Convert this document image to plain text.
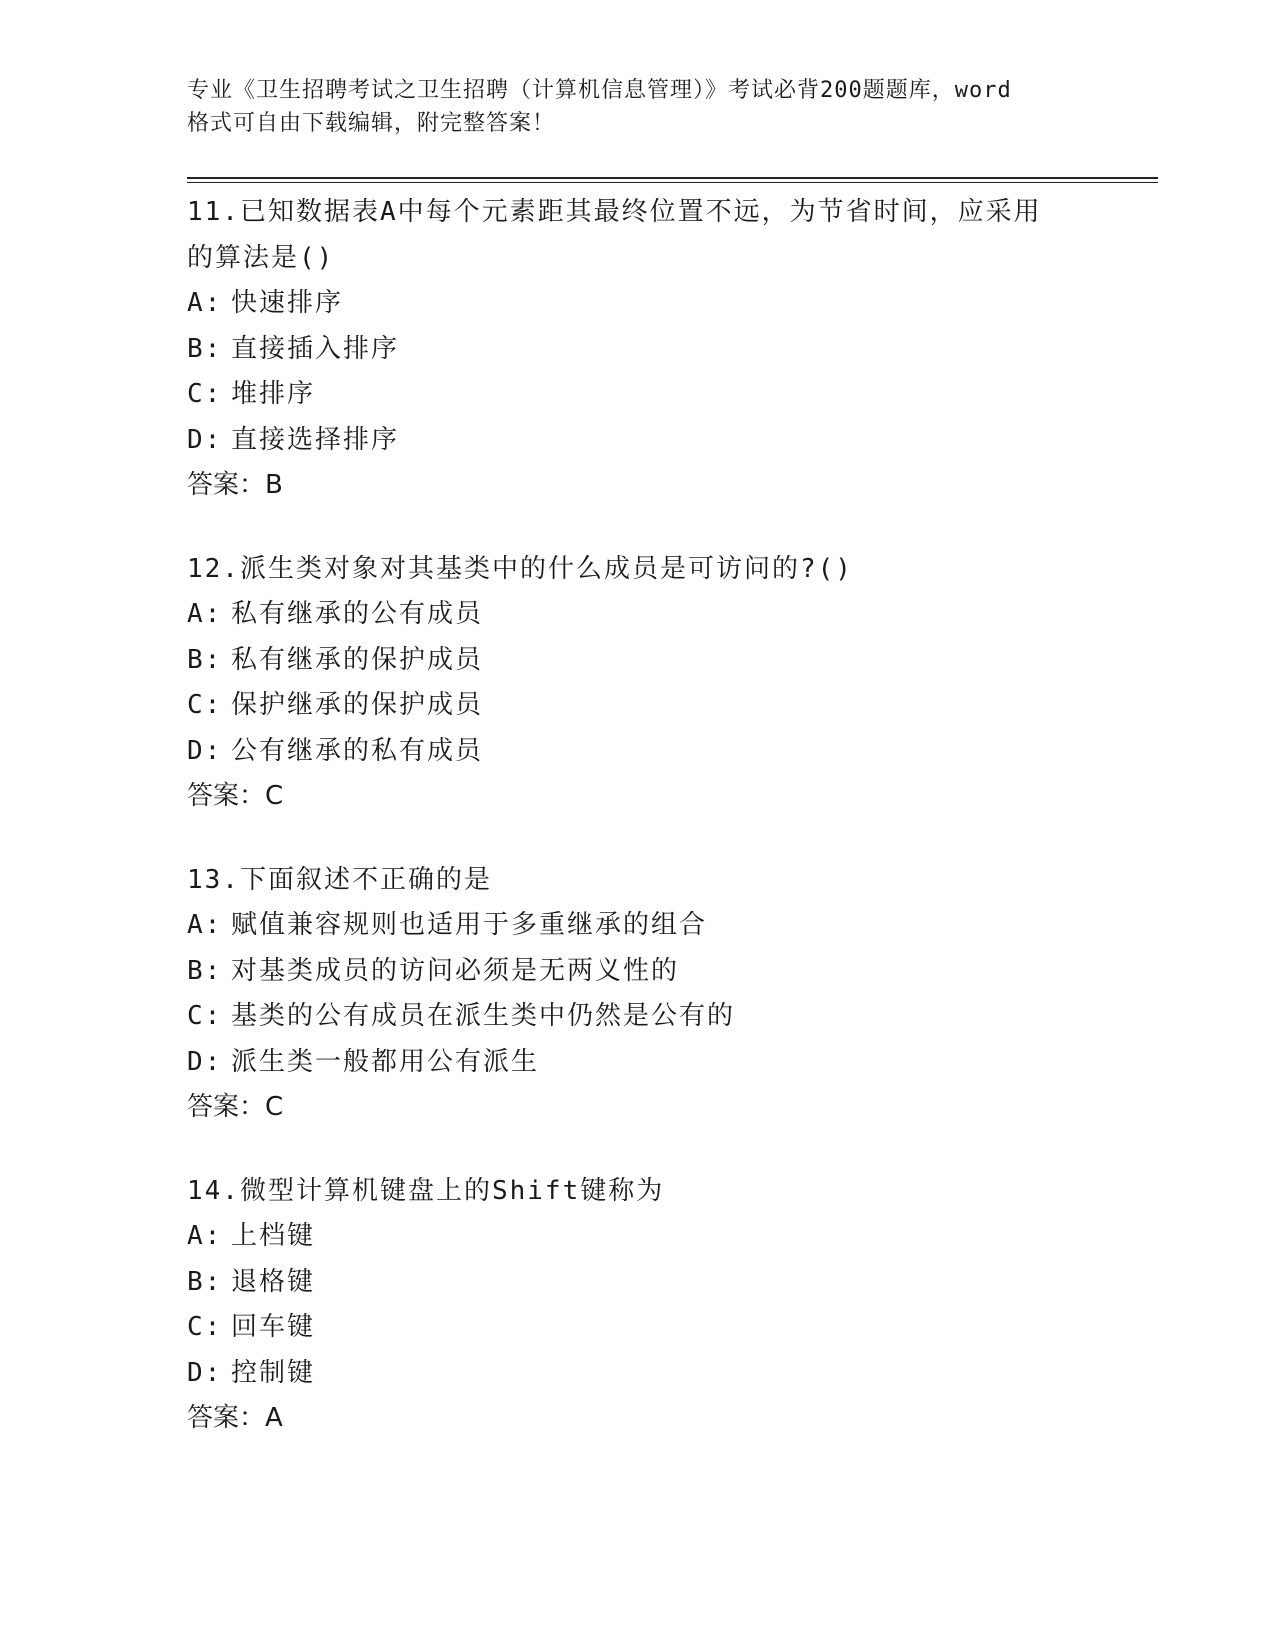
专业《卫生招聘考试之卫生招聘（计算机信息管理）》考试必背200题题库，word
格式可自由下载编辑，附完整答案！
11.已知数据表A中每个元素距其最终位置不远，为节省时间，应采用
的算法是()
A: 快速排序
B: 直接插入排序
C: 堆排序
D: 直接选择排序
答案：B
12.派生类对象对其基类中的什么成员是可访问的?()
A: 私有继承的公有成员
B: 私有继承的保护成员
C: 保护继承的保护成员
D: 公有继承的私有成员
答案：C
13.下面叙述不正确的是
A: 赋值兼容规则也适用于多重继承的组合
B: 对基类成员的访问必须是无两义性的
C: 基类的公有成员在派生类中仍然是公有的
D: 派生类一般都用公有派生
答案：C
14.微型计算机键盘上的Shift键称为
A: 上档键
B: 退格键
C: 回车键
D: 控制键
答案：A
